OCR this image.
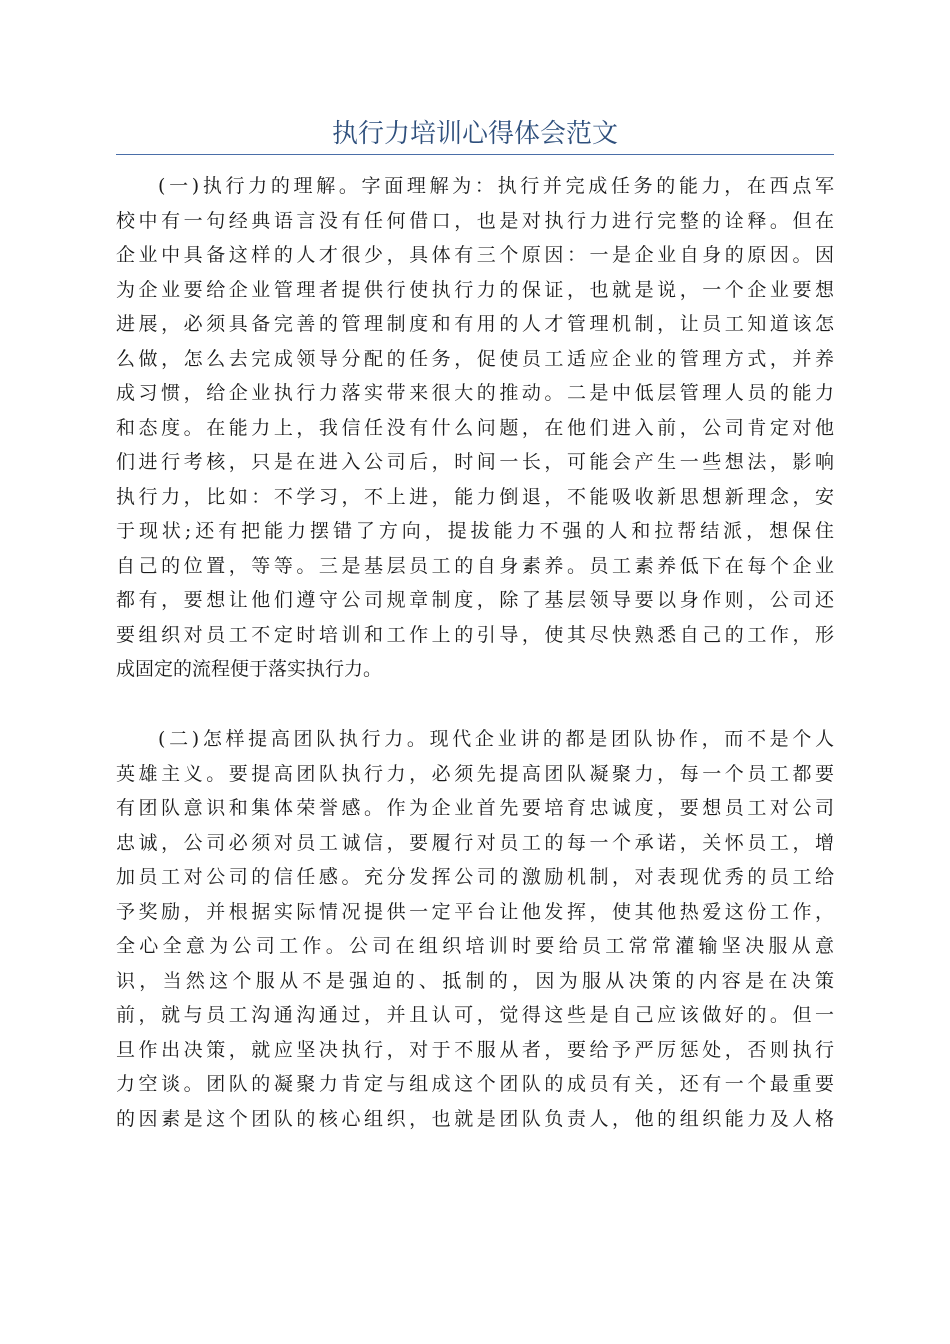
执行力培训心得体会范文
(一)执行力的理解。字面理解为：执行并完成任务的能力，在西点军
校中有一句经典语言没有任何借口，也是对执行力进行完整的诠释。但在
企业中具备这样的人才很少，具体有三个原因：一是企业自身的原因。因
为企业要给企业管理者提供行使执行力的保证，也就是说，一个企业要想
进展，必须具备完善的管理制度和有用的人才管理机制，让员工知道该怎
么做，怎么去完成领导分配的任务，促使员工适应企业的管理方式，并养
成习惯，给企业执行力落实带来很大的推动。二是中低层管理人员的能力
和态度。在能力上，我信任没有什么问题，在他们进入前，公司肯定对他
们进行考核，只是在进入公司后，时间一长，可能会产生一些想法，影响
执行力，比如：不学习，不上进，能力倒退，不能吸收新思想新理念，安
于现状;还有把能力摆错了方向，提拔能力不强的人和拉帮结派，想保住
自己的位置，等等。三是基层员工的自身素养。员工素养低下在每个企业
都有，要想让他们遵守公司规章制度，除了基层领导要以身作则，公司还
要组织对员工不定时培训和工作上的引导，使其尽快熟悉自己的工作，形
成固定的流程便于落实执行力。
(二)怎样提高团队执行力。现代企业讲的都是团队协作，而不是个人
英雄主义。要提高团队执行力，必须先提高团队凝聚力，每一个员工都要
有团队意识和集体荣誉感。作为企业首先要培育忠诚度，要想员工对公司
忠诚，公司必须对员工诚信，要履行对员工的每一个承诺，关怀员工，增
加员工对公司的信任感。充分发挥公司的激励机制，对表现优秀的员工给
予奖励，并根据实际情况提供一定平台让他发挥，使其他热爱这份工作，
全心全意为公司工作。公司在组织培训时要给员工常常灌输坚决服从意
识，当然这个服从不是强迫的、抵制的，因为服从决策的内容是在决策
前，就与员工沟通沟通过，并且认可，觉得这些是自己应该做好的。但一
旦作出决策，就应坚决执行，对于不服从者，要给予严厉惩处，否则执行
力空谈。团队的凝聚力肯定与组成这个团队的成员有关，还有一个最重要
的因素是这个团队的核心组织，也就是团队负责人，他的组织能力及人格
